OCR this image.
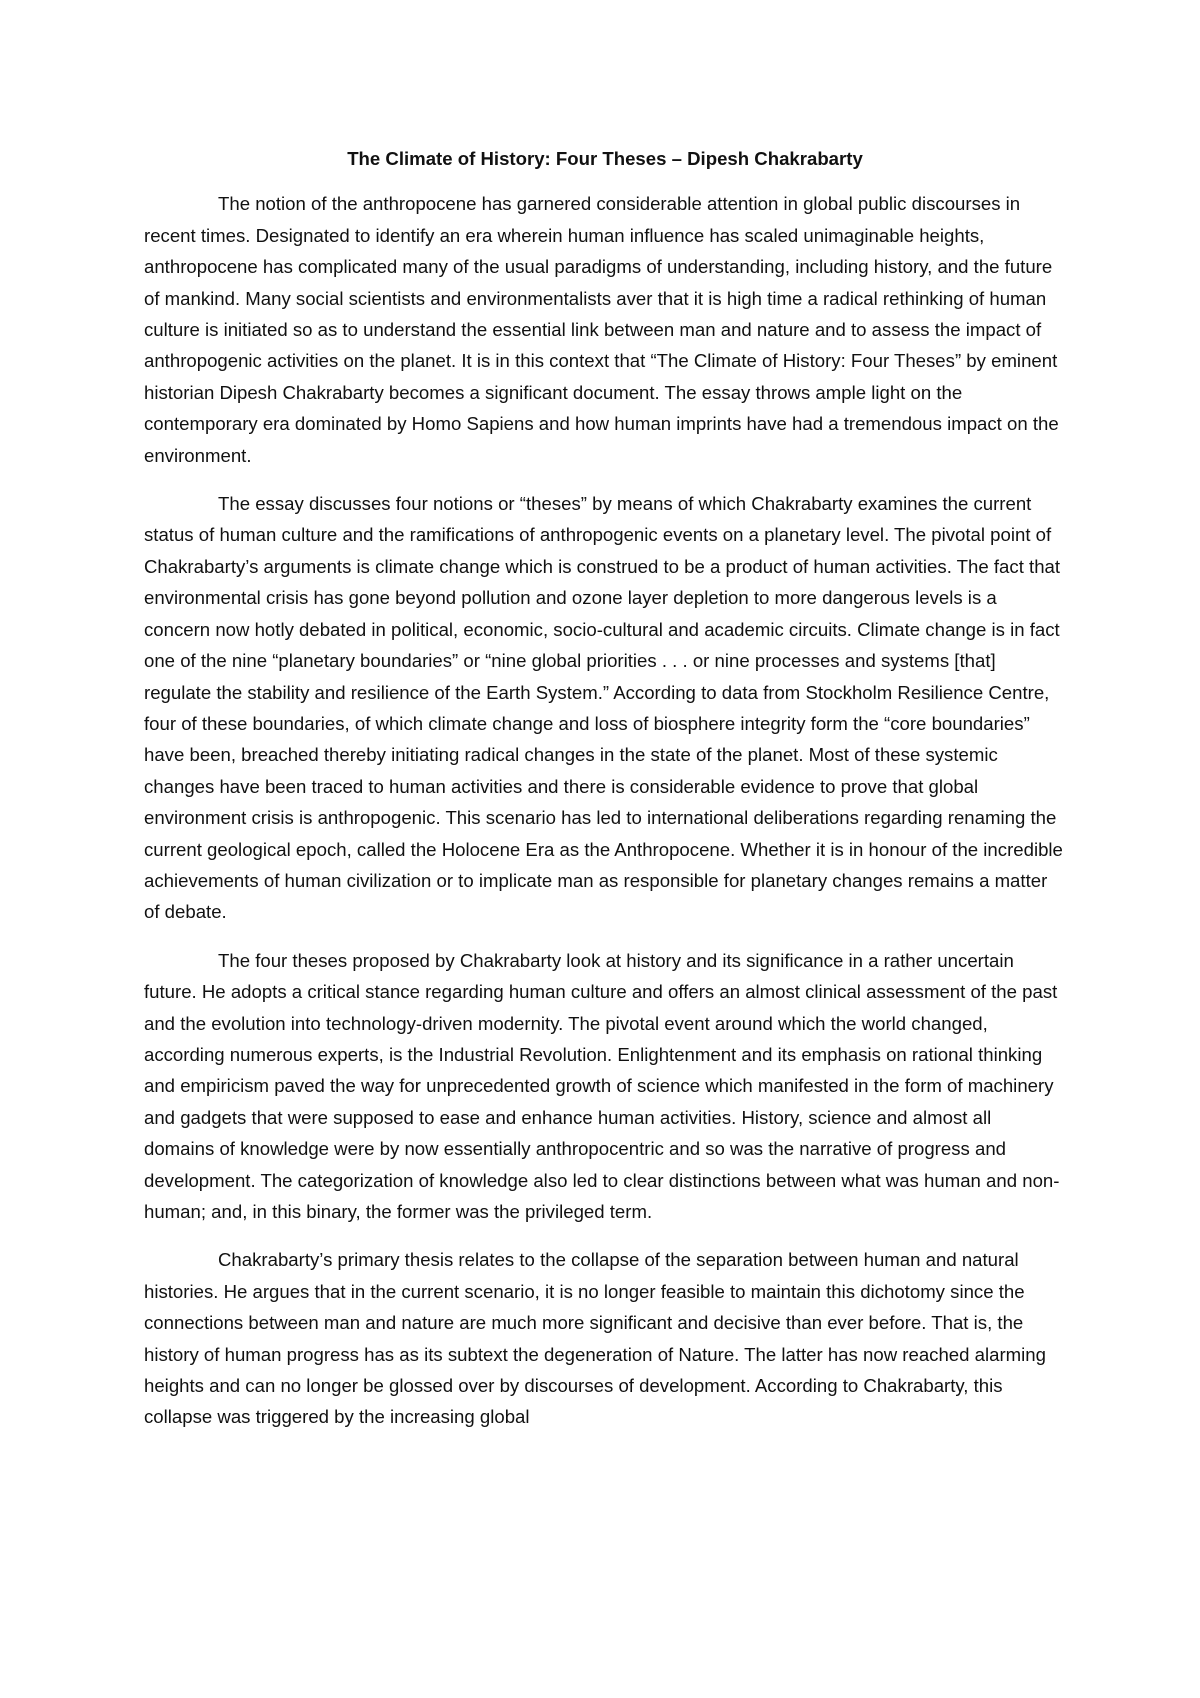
The Climate of History: Four Theses – Dipesh Chakrabarty

The notion of the anthropocene has garnered considerable attention in global public discourses in recent times. Designated to identify an era wherein human influence has scaled unimaginable heights, anthropocene has complicated many of the usual paradigms of understanding, including history, and the future of mankind. Many social scientists and environmentalists aver that it is high time a radical rethinking of human culture is initiated so as to understand the essential link between man and nature and to assess the impact of anthropogenic activities on the planet. It is in this context that “The Climate of History: Four Theses” by eminent historian Dipesh Chakrabarty becomes a significant document. The essay throws ample light on the contemporary era dominated by Homo Sapiens and how human imprints have had a tremendous impact on the environment.

The essay discusses four notions or “theses” by means of which Chakrabarty examines the current status of human culture and the ramifications of anthropogenic events on a planetary level. The pivotal point of Chakrabarty’s arguments is climate change which is construed to be a product of human activities. The fact that environmental crisis has gone beyond pollution and ozone layer depletion to more dangerous levels is a concern now hotly debated in political, economic, socio-cultural and academic circuits. Climate change is in fact one of the nine “planetary boundaries” or “nine global priorities . . . or nine processes and systems [that] regulate the stability and resilience of the Earth System.” According to data from Stockholm Resilience Centre, four of these boundaries, of which climate change and loss of biosphere integrity form the “core boundaries” have been, breached thereby initiating radical changes in the state of the planet. Most of these systemic changes have been traced to human activities and there is considerable evidence to prove that global environment crisis is anthropogenic. This scenario has led to international deliberations regarding renaming the current geological epoch, called the Holocene Era as the Anthropocene. Whether it is in honour of the incredible achievements of human civilization or to implicate man as responsible for planetary changes remains a matter of debate.

The four theses proposed by Chakrabarty look at history and its significance in a rather uncertain future. He adopts a critical stance regarding human culture and offers an almost clinical assessment of the past and the evolution into technology-driven modernity. The pivotal event around which the world changed, according numerous experts, is the Industrial Revolution. Enlightenment and its emphasis on rational thinking and empiricism paved the way for unprecedented growth of science which manifested in the form of machinery and gadgets that were supposed to ease and enhance human activities. History, science and almost all domains of knowledge were by now essentially anthropocentric and so was the narrative of progress and development. The categorization of knowledge also led to clear distinctions between what was human and non-human; and, in this binary, the former was the privileged term.

Chakrabarty’s primary thesis relates to the collapse of the separation between human and natural histories. He argues that in the current scenario, it is no longer feasible to maintain this dichotomy since the connections between man and nature are much more significant and decisive than ever before. That is, the history of human progress has as its subtext the degeneration of Nature. The latter has now reached alarming heights and can no longer be glossed over by discourses of development. According to Chakrabarty, this collapse was triggered by the increasing global
